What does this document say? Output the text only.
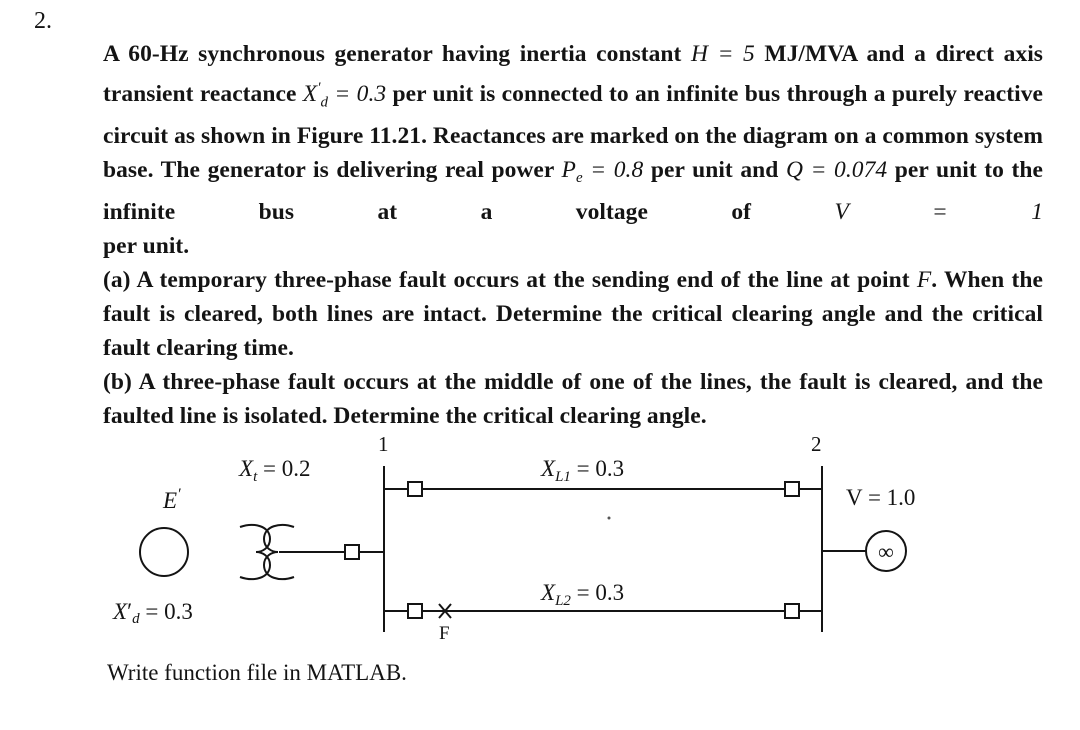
2.

A 60-Hz synchronous generator having inertia constant H = 5 MJ/MVA and a direct axis transient reactance $X'_d = 0.3$ per unit is connected to an infinite bus through a purely reactive circuit as shown in Figure 11.21. Reactances are marked on the diagram on a common system base. The generator is delivering real power $P_e = 0.8$ per unit and Q = 0.074 per unit to the infinite bus at a voltage of V = 1

per unit.

(a) A temporary three-phase fault occurs at the sending end of the line at point F. When the fault is cleared, both lines are intact. Determine the critical clearing angle and the critical fault clearing time.

(b) A three-phase fault occurs at the middle of one of the lines, the fault is cleared, and the faulted line is isolated. Determine the critical clearing angle.

1	2
$X_t = 0.2$
E′
X′d = 0.3
$X_{L1} = 0.3$
$X_{L2} = 0.3$
V = 1.0
∞
F
Write function file in MATLAB.
